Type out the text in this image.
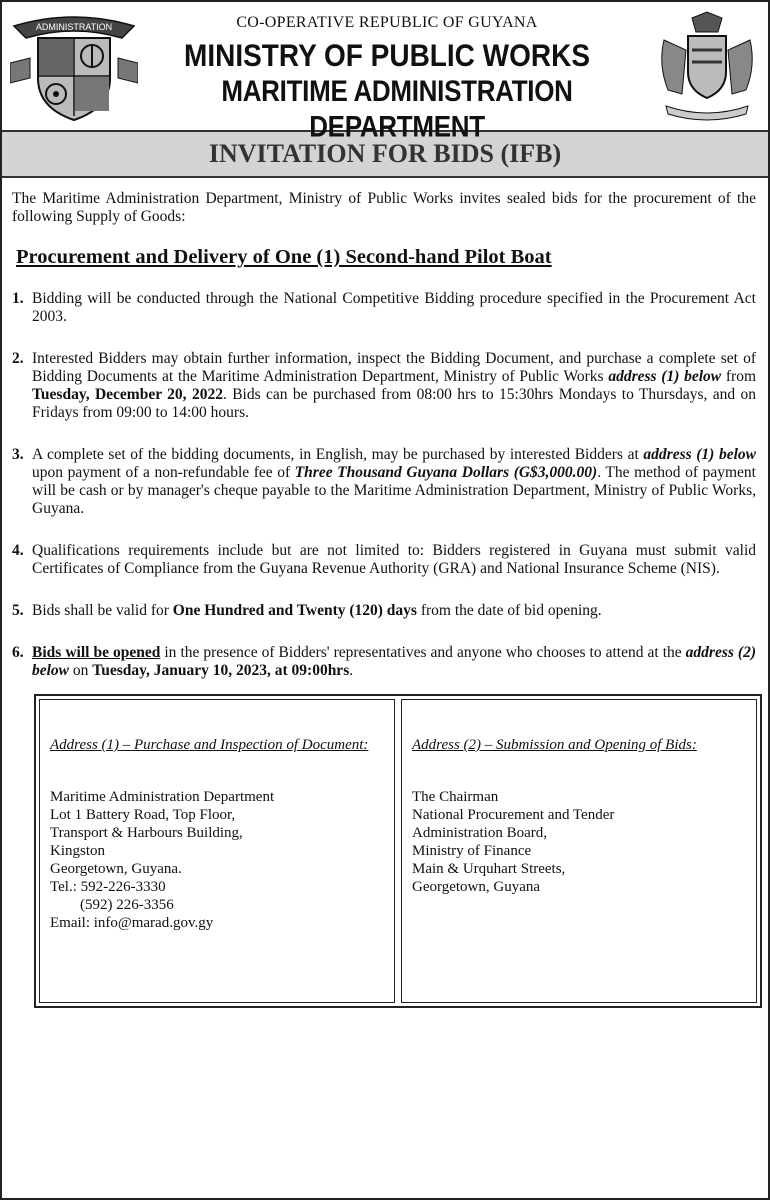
ADMINISTRATION	CO-OPERATIVE REPUBLIC OF GUYANA
MINISTRY OF PUBLIC WORKS
MARITIME ADMINISTRATION DEPARTMENT
INVITATION FOR BIDS (IFB)

The Maritime Administration Department, Ministry of Public Works invites sealed bids for the procurement of the following Supply of Goods:

Procurement and Delivery of One (1) Second-hand Pilot Boat
1. Bidding will be conducted through the National Competitive Bidding procedure specified in the Procurement Act 2003.
2. Interested Bidders may obtain further information, inspect the Bidding Document, and purchase a complete set of Bidding Documents at the Maritime Administration Department, Ministry of Public Works address (1) below from Tuesday, December 20, 2022. Bids can be purchased from 08:00 hrs to 15:30hrs Mondays to Thursdays, and on Fridays from 09:00 to 14:00 hours.
3. A complete set of the bidding documents, in English, may be purchased by interested Bidders at address (1) below upon payment of a non-refundable fee of Three Thousand Guyana Dollars (G$3,000.00). The method of payment will be cash or by manager's cheque payable to the Maritime Administration Department, Ministry of Public Works, Guyana.
4. Qualifications requirements include but are not limited to: Bidders registered in Guyana must submit valid Certificates of Compliance from the Guyana Revenue Authority (GRA) and National Insurance Scheme (NIS).
5. Bids shall be valid for One Hundred and Twenty (120) days from the date of bid opening.
6. Bids will be opened in the presence of Bidders' representatives and anyone who chooses to attend at the address (2) below on Tuesday, January 10, 2023, at 09:00hrs.
Address (1) – Purchase and Inspection of Document:
Maritime Administration Department
Lot 1 Battery Road, Top Floor,
Transport & Harbours Building,
Kingston
Georgetown, Guyana.
Tel.: 592-226-3330
(592) 226-3356
Email: info@marad.gov.gy
Address (2) – Submission and Opening of Bids:
The Chairman
National Procurement and Tender
Administration Board,
Ministry of Finance
Main & Urquhart Streets,
Georgetown, Guyana
